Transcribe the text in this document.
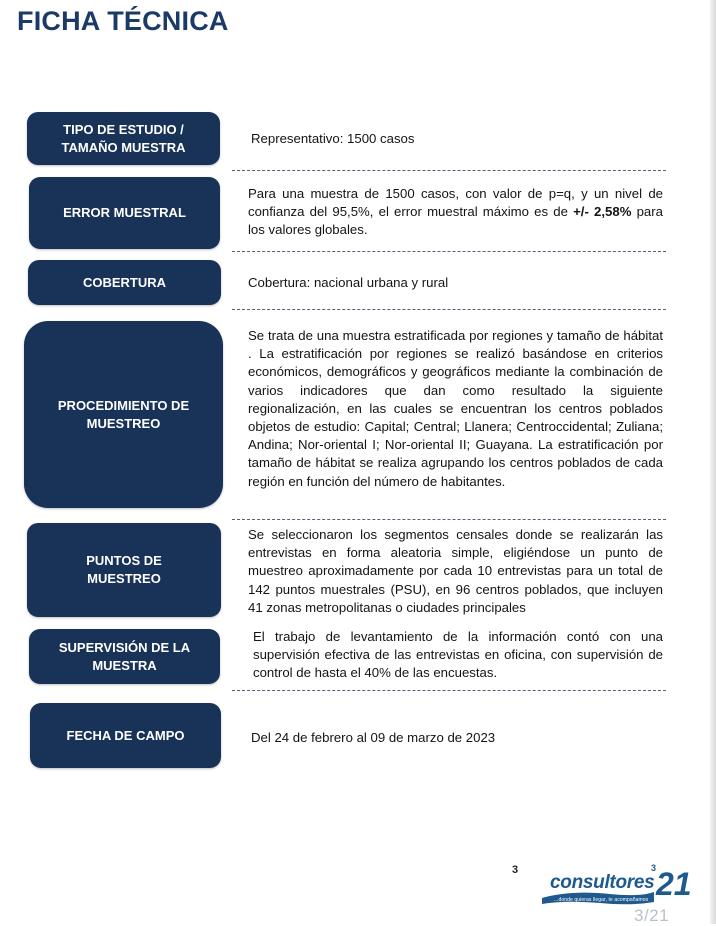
FICHA TÉCNICA
TIPO DE ESTUDIO /
TAMAÑO MUESTRA
Representativo: 1500 casos
ERROR MUESTRAL
Para una muestra de 1500 casos, con valor de p=q, y un nivel de confianza del 95,5%, el error muestral máximo es de +/- 2,58% para los valores globales.
COBERTURA	Cobertura: nacional urbana y rural
PROCEDIMIENTO DE
MUESTREO
Se trata de una muestra estratificada por regiones y tamaño de hábitat . La estratificación por regiones se realizó basándose en criterios económicos, demográficos y geográficos mediante la combinación de varios indicadores que dan como resultado la siguiente regionalización, en las cuales se encuentran los centros poblados objetos de estudio: Capital; Central; Llanera; Centroccidental; Zuliana; Andina; Nor-oriental I; Nor-oriental II; Guayana. La estratificación por tamaño de hábitat se realiza agrupando los centros poblados de cada región en función del número de habitantes.
PUNTOS DE
MUESTREO
Se seleccionaron los segmentos censales donde se realizarán las entrevistas en forma aleatoria simple, eligiéndose un punto de muestreo aproximadamente por cada 10 entrevistas para un total de 142 puntos muestrales (PSU), en 96 centros poblados, que incluyen 41 zonas metropolitanas o ciudades principales
SUPERVISIÓN DE LA
MUESTRA
El trabajo de levantamiento de la información contó con una supervisión efectiva de las entrevistas en oficina, con supervisión de control de hasta el 40% de las encuestas.
FECHA DE CAMPO	Del 24 de febrero al 09 de marzo de 2023
3
consultores
3 21
...donde quieras llegar, te acompañamos
3/21
